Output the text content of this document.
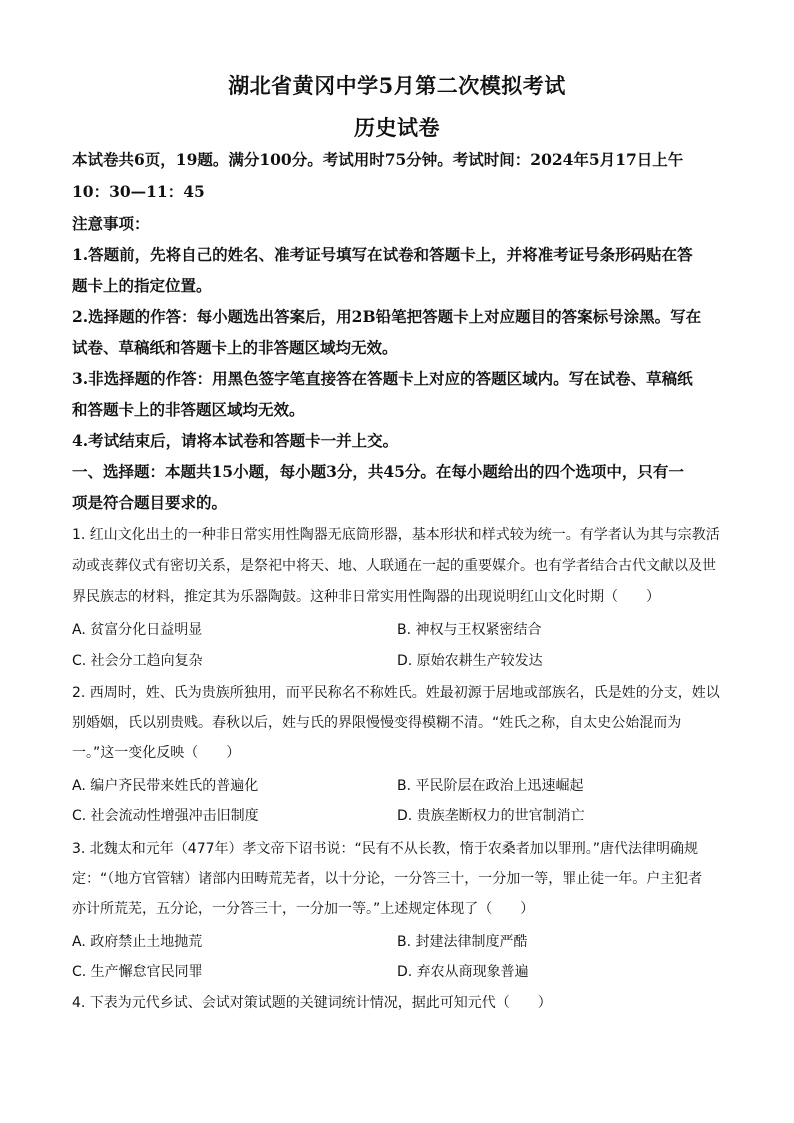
湖北省黄冈中学5月第二次模拟考试
历史试卷
本试卷共6页，19题。满分100分。考试用时75分钟。考试时间：2024年5月17日上午
10：30—11：45
注意事项：
1.答题前，先将自己的姓名、准考证号填写在试卷和答题卡上，并将准考证号条形码贴在答
题卡上的指定位置。
2.选择题的作答：每小题选出答案后，用2B铅笔把答题卡上对应题目的答案标号涂黑。写在
试卷、草稿纸和答题卡上的非答题区域均无效。
3.非选择题的作答：用黑色签字笔直接答在答题卡上对应的答题区域内。写在试卷、草稿纸
和答题卡上的非答题区域均无效。
4.考试结束后，请将本试卷和答题卡一并上交。
一、选择题：本题共15小题，每小题3分，共45分。在每小题给出的四个选项中，只有一
项是符合题目要求的。
1. 红山文化出土的一种非日常实用性陶器无底筒形器，基本形状和样式较为统一。有学者认为其与宗教活
动或丧葬仪式有密切关系，是祭祀中将天、地、人联通在一起的重要媒介。也有学者结合古代文献以及世
界民族志的材料，推定其为乐器陶鼓。这种非日常实用性陶器的出现说明红山文化时期（　　）
A. 贫富分化日益明显	B. 神权与王权紧密结合
C. 社会分工趋向复杂	D. 原始农耕生产较发达
2. 西周时，姓、氏为贵族所独用，而平民称名不称姓氏。姓最初源于居地或部族名，氏是姓的分支，姓以
别婚姻，氏以别贵贱。春秋以后，姓与氏的界限慢慢变得模糊不清。“姓氏之称，自太史公始混而为
一。”这一变化反映（　　）
A. 编户齐民带来姓氏的普遍化	B. 平民阶层在政治上迅速崛起
C. 社会流动性增强冲击旧制度	D. 贵族垄断权力的世官制消亡
3. 北魏太和元年（477年）孝文帝下诏书说：“民有不从长教，惰于农桑者加以罪刑。”唐代法律明确规
定：“（地方官管辖）诸部内田畴荒芜者，以十分论，一分答三十，一分加一等，罪止徒一年。户主犯者
亦计所荒芜，五分论，一分答三十，一分加一等。”上述规定体现了（　　）
A. 政府禁止土地抛荒	B. 封建法律制度严酷
C. 生产懈怠官民同罪	D. 弃农从商现象普遍
4. 下表为元代乡试、会试对策试题的关键词统计情况，据此可知元代（　　）
